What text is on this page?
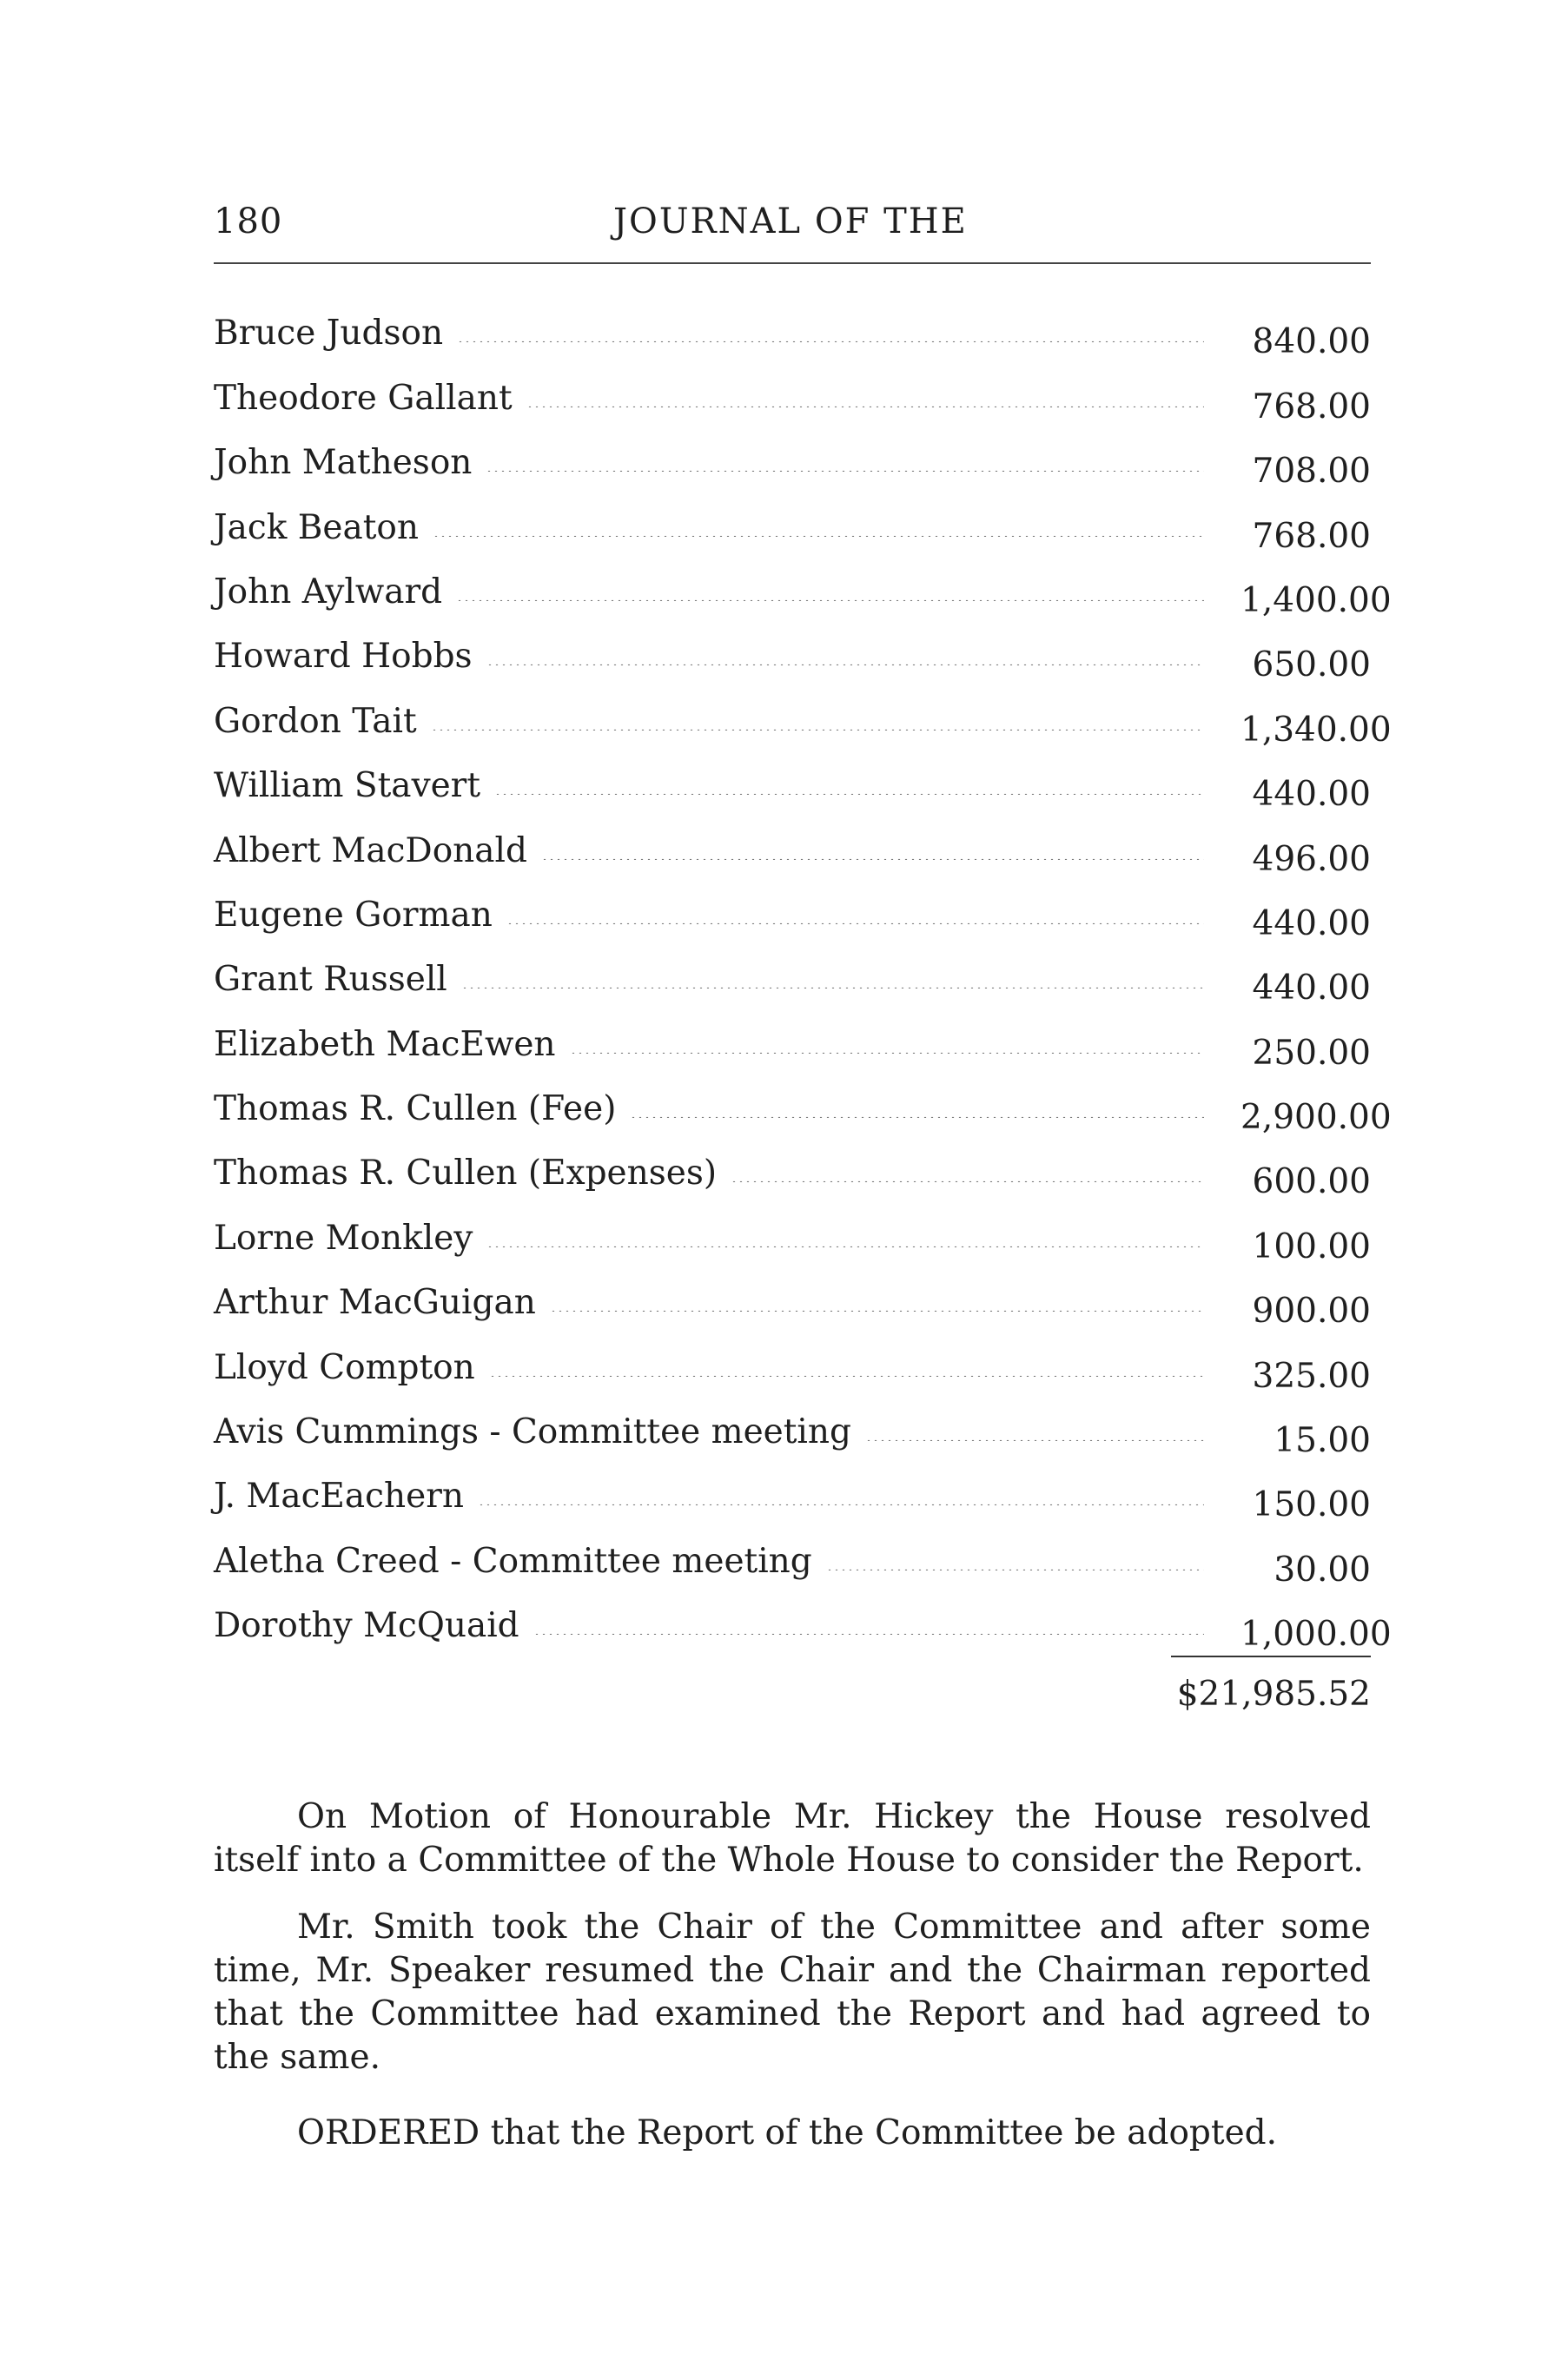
180	JOURNAL OF THE
Bruce Judson	840.00
Theodore Gallant	768.00
John Matheson	708.00
Jack Beaton	768.00
John Aylward	1,400.00
Howard Hobbs	650.00
Gordon Tait	1,340.00
William Stavert	440.00
Albert MacDonald	496.00
Eugene Gorman	440.00
Grant Russell	440.00
Elizabeth MacEwen	250.00
Thomas R. Cullen (Fee)	2,900.00
Thomas R. Cullen (Expenses)	600.00
Lorne Monkley	100.00
Arthur MacGuigan	900.00
Lloyd Compton	325.00
Avis Cummings - Committee meeting	15.00
J. MacEachern	150.00
Aletha Creed - Committee meeting	30.00
Dorothy McQuaid	1,000.00
$21,985.52

On Motion of Honourable Mr. Hickey the House resolved itself into a Committee of the Whole House to consider the Report.

Mr. Smith took the Chair of the Committee and after some time, Mr. Speaker resumed the Chair and the Chairman reported that the Committee had examined the Report and had agreed to the same.

ORDERED that the Report of the Committee be adopted.
